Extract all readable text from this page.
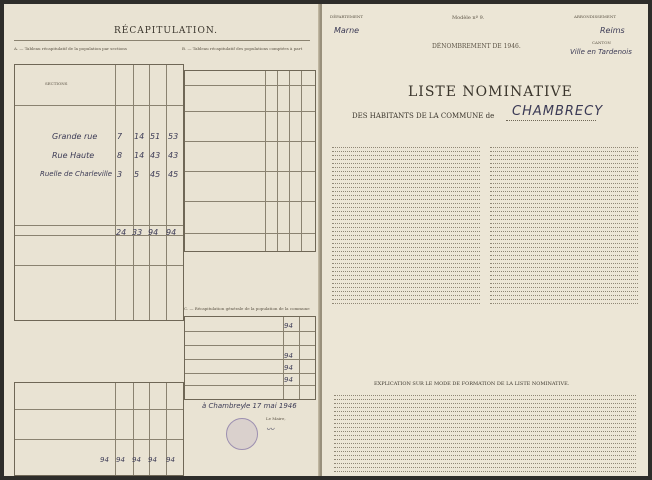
RÉCAPITULATION.
A. — Tableau récapitulatif de la population par sections	B. — Tableau récapitulatif des populations comptées à part
SECTIONS
Grande rue 7 14 51 53
Rue Haute	8 14 43 43
Ruelle de Charleville 3 5 45 45
24 33 94 94
C. — Récapitulation générale de la population de la commune
94
94
94
94
94 94 94 94 94
à Chambrey le 17 mai 1946
Le Maire,
〰
DÉPARTEMENT
Marne
Modèle nº 9.	ARRONDISSEMENT
Reims
CANTON
Ville en Tardenois
DÉNOMBREMENT DE 1946.
LISTE NOMINATIVE
DES HABITANTS DE LA COMMUNE de CHAMBRECY
EXPLICATION SUR LE MODE DE FORMATION DE LA LISTE NOMINATIVE.
